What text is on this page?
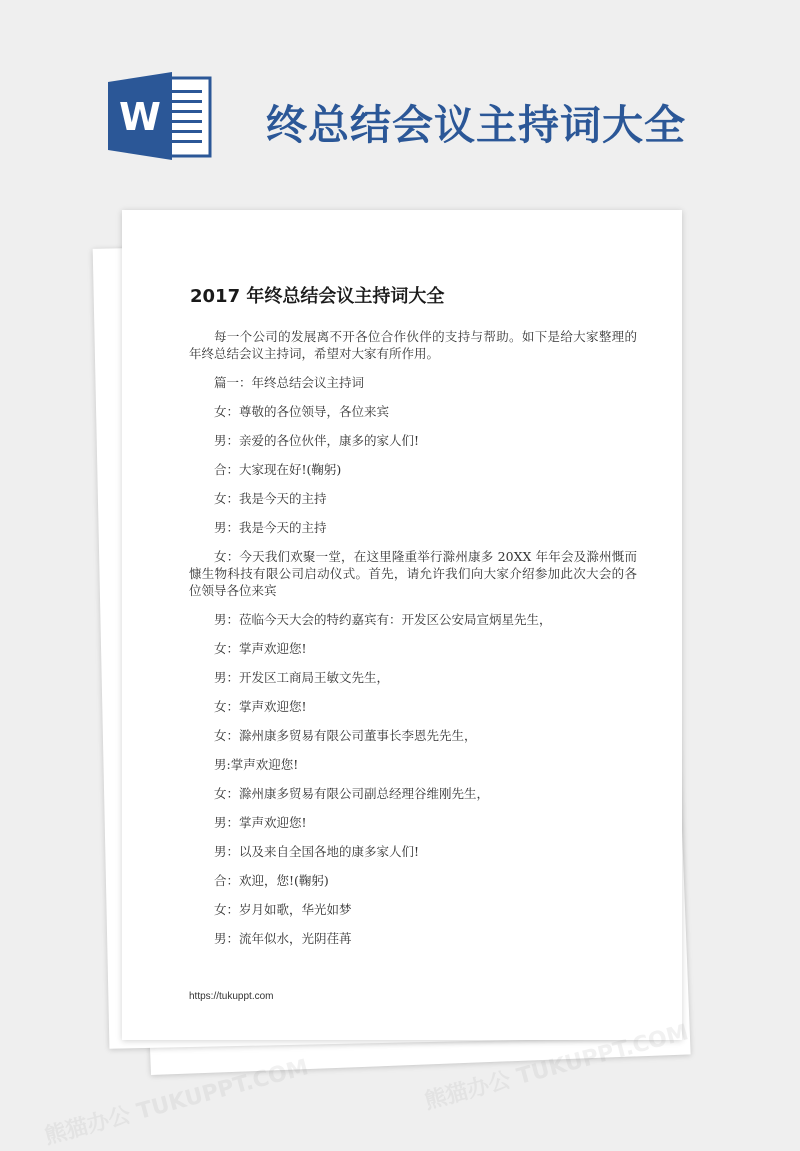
W	终总结会议主持词大全
2017 年终总结会议主持词大全

每一个公司的发展离不开各位合作伙伴的支持与帮助。如下是给大家整理的年终总结会议主持词，希望对大家有所作用。

篇一：年终总结会议主持词

女：尊敬的各位领导，各位来宾

男：亲爱的各位伙伴，康多的家人们!

合：大家现在好!(鞠躬)

女：我是今天的主持

男：我是今天的主持

女：今天我们欢聚一堂，在这里隆重举行滁州康多 20XX 年年会及滁州慨而慷生物科技有限公司启动仪式。首先，请允许我们向大家介绍参加此次大会的各位领导各位来宾

男：莅临今天大会的特约嘉宾有：开发区公安局宣炳星先生，

女：掌声欢迎您!

男：开发区工商局王敏文先生，

女：掌声欢迎您!

女：滁州康多贸易有限公司董事长李恩先先生，

男:掌声欢迎您!

女：滁州康多贸易有限公司副总经理谷维刚先生，

男：掌声欢迎您!

男：以及来自全国各地的康多家人们!

合：欢迎，您!(鞠躬)

女：岁月如歌，华光如梦

男：流年似水，光阴荏苒

https://tukuppt.com
熊猫办公 TUKUPPT.COM	熊猫办公 TUKUPPT.COM
